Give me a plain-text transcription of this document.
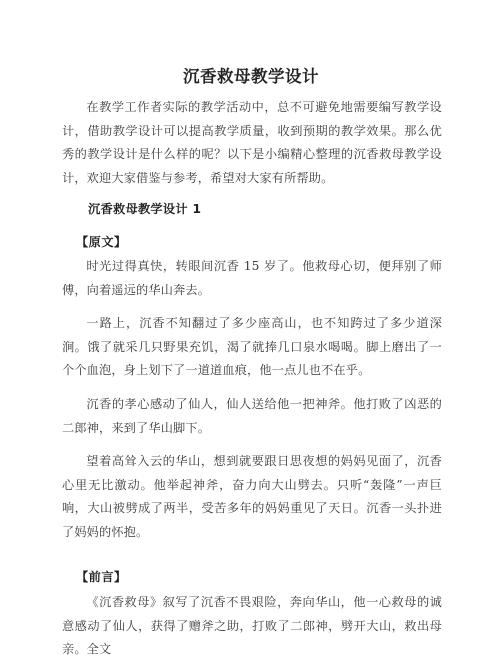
沉香救母教学设计

在教学工作者实际的教学活动中，总不可避免地需要编写教学设计，借助教学设计可以提高教学质量，收到预期的教学效果。那么优秀的教学设计是什么样的呢？以下是小编精心整理的沉香救母教学设计，欢迎大家借鉴与参考，希望对大家有所帮助。

沉香救母教学设计 1
【原文】

时光过得真快，转眼间沉香 15 岁了。他救母心切，便拜别了师傅，向着遥远的华山奔去。

一路上，沉香不知翻过了多少座高山，也不知跨过了多少道深涧。饿了就采几只野果充饥，渴了就捧几口泉水喝喝。脚上磨出了一个个血泡，身上划下了一道道血痕，他一点儿也不在乎。

沉香的孝心感动了仙人，仙人送给他一把神斧。他打败了凶恶的二郎神，来到了华山脚下。

望着高耸入云的华山，想到就要跟日思夜想的妈妈见面了，沉香心里无比激动。他举起神斧，奋力向大山劈去。只听“轰隆”一声巨响，大山被劈成了两半，受苦多年的妈妈重见了天日。沉香一头扑进了妈妈的怀抱。

【前言】

《沉香救母》叙写了沉香不畏艰险，奔向华山，他一心救母的诚意感动了仙人，获得了赠斧之助，打败了二郎神，劈开大山，救出母亲。全文
